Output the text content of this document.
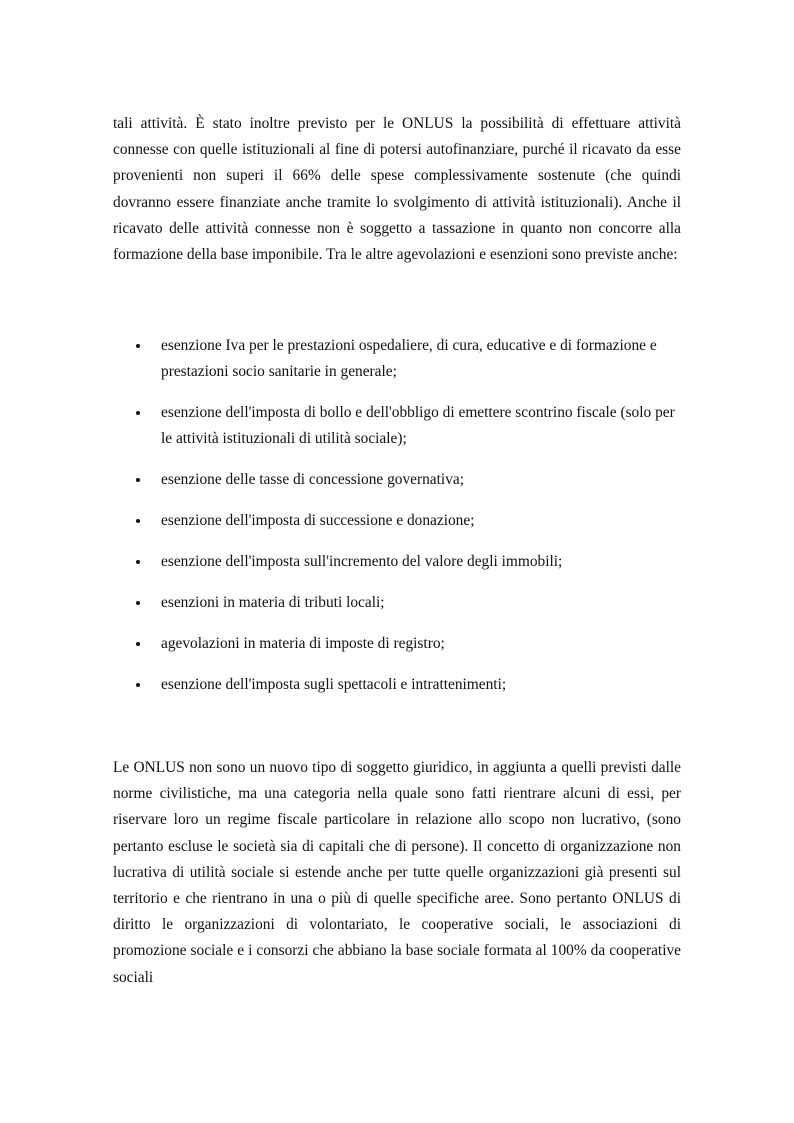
tali attività. È stato inoltre previsto per le ONLUS la possibilità di effettuare attività connesse con quelle istituzionali al fine di potersi autofinanziare, purché il ricavato da esse provenienti non superi il 66% delle spese complessivamente sostenute (che quindi dovranno essere finanziate anche tramite lo svolgimento di attività istituzionali). Anche il ricavato delle attività connesse non è soggetto a tassazione in quanto non concorre alla formazione della base imponibile. Tra le altre agevolazioni e esenzioni sono previste anche:

esenzione Iva per le prestazioni ospedaliere, di cura, educative e di formazione e prestazioni socio sanitarie in generale;
esenzione dell'imposta di bollo e dell'obbligo di emettere scontrino fiscale (solo per le attività istituzionali di utilità sociale);
esenzione delle tasse di concessione governativa;
esenzione dell'imposta di successione e donazione;
esenzione dell'imposta sull'incremento del valore degli immobili;
esenzioni in materia di tributi locali;
agevolazioni in materia di imposte di registro;
esenzione dell'imposta sugli spettacoli e intrattenimenti;

Le ONLUS non sono un nuovo tipo di soggetto giuridico, in aggiunta a quelli previsti dalle norme civilistiche, ma una categoria nella quale sono fatti rientrare alcuni di essi, per riservare loro un regime fiscale particolare in relazione allo scopo non lucrativo, (sono pertanto escluse le società sia di capitali che di persone). Il concetto di organizzazione non lucrativa di utilità sociale si estende anche per tutte quelle organizzazioni già presenti sul territorio e che rientrano in una o più di quelle specifiche aree. Sono pertanto ONLUS di diritto le organizzazioni di volontariato, le cooperative sociali, le associazioni di promozione sociale e i consorzi che abbiano la base sociale formata al 100% da cooperative sociali
